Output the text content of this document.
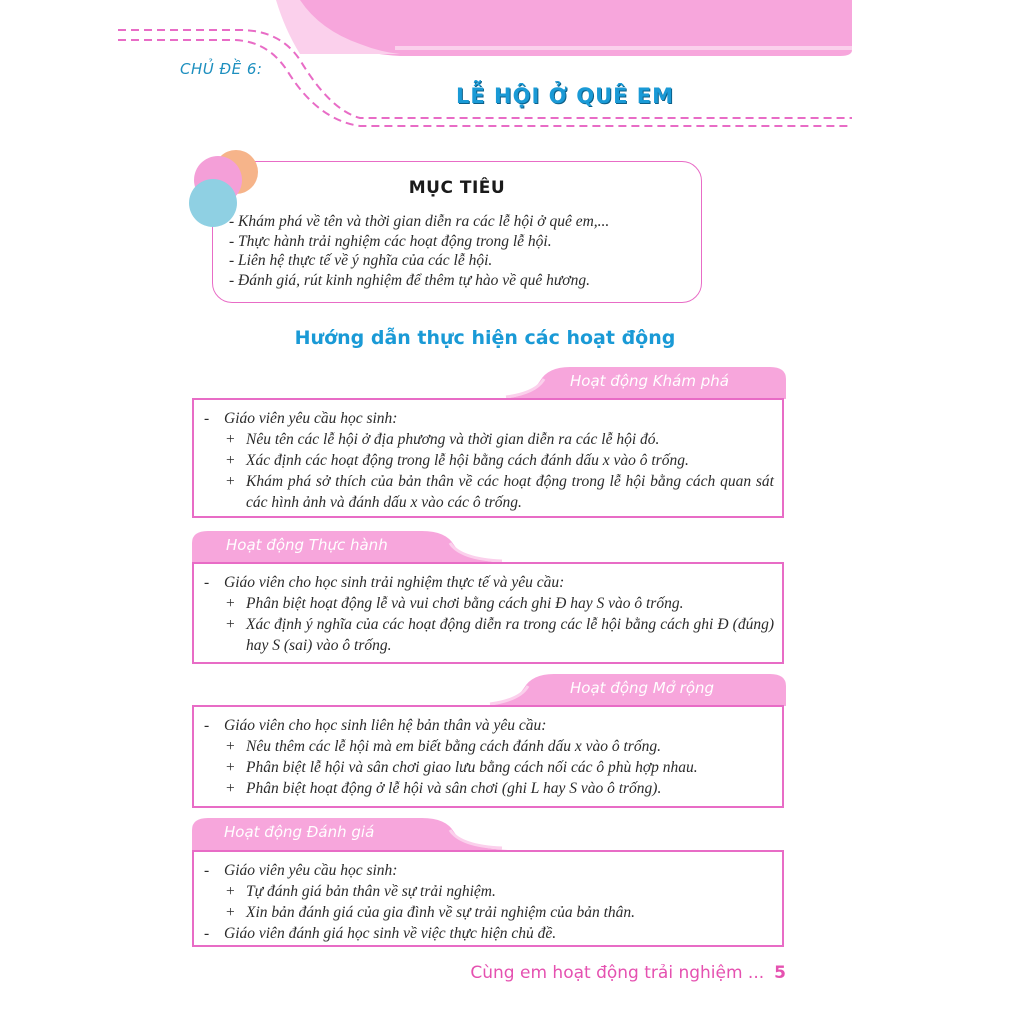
CHỦ ĐỀ 6:
LỄ HỘI Ở QUÊ EM
MỤC TIÊU
- Khám phá về tên và thời gian diễn ra các lễ hội ở quê em,...
- Thực hành trải nghiệm các hoạt động trong lễ hội.
- Liên hệ thực tế về ý nghĩa của các lễ hội.
- Đánh giá, rút kinh nghiệm để thêm tự hào về quê hương.
Hướng dẫn thực hiện các hoạt động
Hoạt động Khám phá
- Giáo viên yêu cầu học sinh:
+ Nêu tên các lễ hội ở địa phương và thời gian diễn ra các lễ hội đó.
+ Xác định các hoạt động trong lễ hội bằng cách đánh dấu x vào ô trống.
+ Khám phá sở thích của bản thân về các hoạt động trong lễ hội bằng cách quan sát các hình ảnh và đánh dấu x vào các ô trống.
Hoạt động Thực hành
- Giáo viên cho học sinh trải nghiệm thực tế và yêu cầu:
+ Phân biệt hoạt động lễ và vui chơi bằng cách ghi Đ hay S vào ô trống.
+ Xác định ý nghĩa của các hoạt động diễn ra trong các lễ hội bằng cách ghi Đ (đúng) hay S (sai) vào ô trống.
Hoạt động Mở rộng
- Giáo viên cho học sinh liên hệ bản thân và yêu cầu:
+ Nêu thêm các lễ hội mà em biết bằng cách đánh dấu x vào ô trống.
+ Phân biệt lễ hội và sân chơi giao lưu bằng cách nối các ô phù hợp nhau.
+ Phân biệt hoạt động ở lễ hội và sân chơi (ghi L hay S vào ô trống).
Hoạt động Đánh giá
- Giáo viên yêu cầu học sinh:
+ Tự đánh giá bản thân về sự trải nghiệm.
+ Xin bản đánh giá của gia đình về sự trải nghiệm của bản thân.
- Giáo viên đánh giá học sinh về việc thực hiện chủ đề.
Cùng em hoạt động trải nghiệm ... 5
